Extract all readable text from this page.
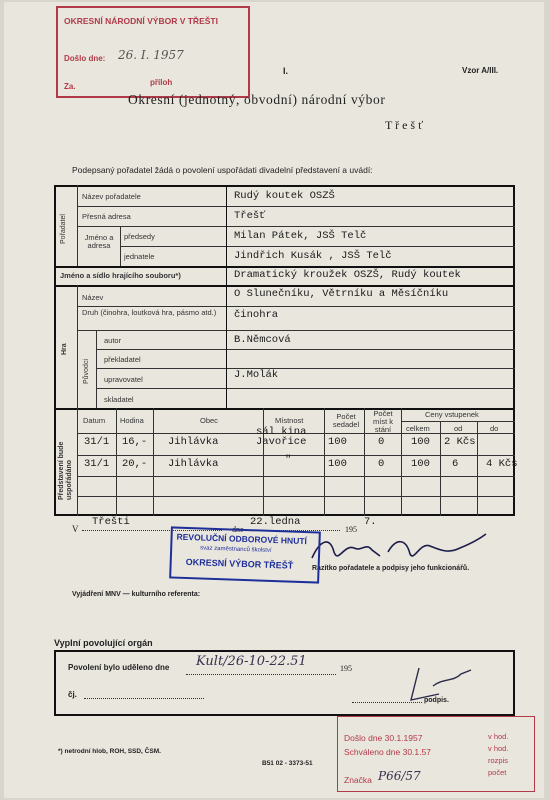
OKRESNÍ NÁRODNÍ VÝBOR V TŘEŠTI
Došlo dne: 26. I. 1957
Za.	příloh
I.	Vzor A/III.
Okresní (jednotný, obvodní) národní výbor
T ř e š ť
Podepsaný pořadatel žádá o povolení uspořádati divadelní představení a uvádí:
Pořadatel
Název pořadatele	Rudý koutek OSZŠ
Přesná adresa	Třešť
Jméno a adresa
předsedy	Milan Pátek, JSŠ Telč
jednatele	Jindřich Kusák , JSŠ Telč
Jméno a sídlo hrajícího souboru*)	Dramatický kroužek OSZŠ, Rudý koutek
Hra
Název	O Slunečníku, Větrníku a Měsíčníku
Druh (činohra, loutková hra, pásmo atd.)	činohra
Původci
autor	B.Němcová
překladatel
upravovatel	J.Molák
skladatel
Představení bude uspořádáno
Datum Hodina	Obec	Místnost	Počet sedadel
Počet míst k stání
Ceny vstupenek
celkem	od	do
31/1 16,- Jihlávka
sál kina Javořice	100	0	100 2 Kčs
31/1 20,- Jihlávka	"	100	0	100 6	4 Kčs
V
Třešti
dne
22.ledna
195
7.
Razítko pořadatele a podpisy jeho funkcionářů.
REVOLUČNÍ ODBOROVÉ HNUTÍ
svaz zaměstnanců školství
OKRESNÍ VÝBOR TŘEŠŤ
Vyjádření MNV — kulturního referenta:
Vyplní povolující orgán
Povolení bylo uděleno dne Kult/26-10-22.51	195
čj.
podpis.
*) netrodní hlob, ROH, SSD, ČSM.
B51 02 - 3373-51
Došlo dne 30.1.1957
Schváleno dne 30.1.57
Značka P66/57
v hod.
v hod.
rozpis
počet
